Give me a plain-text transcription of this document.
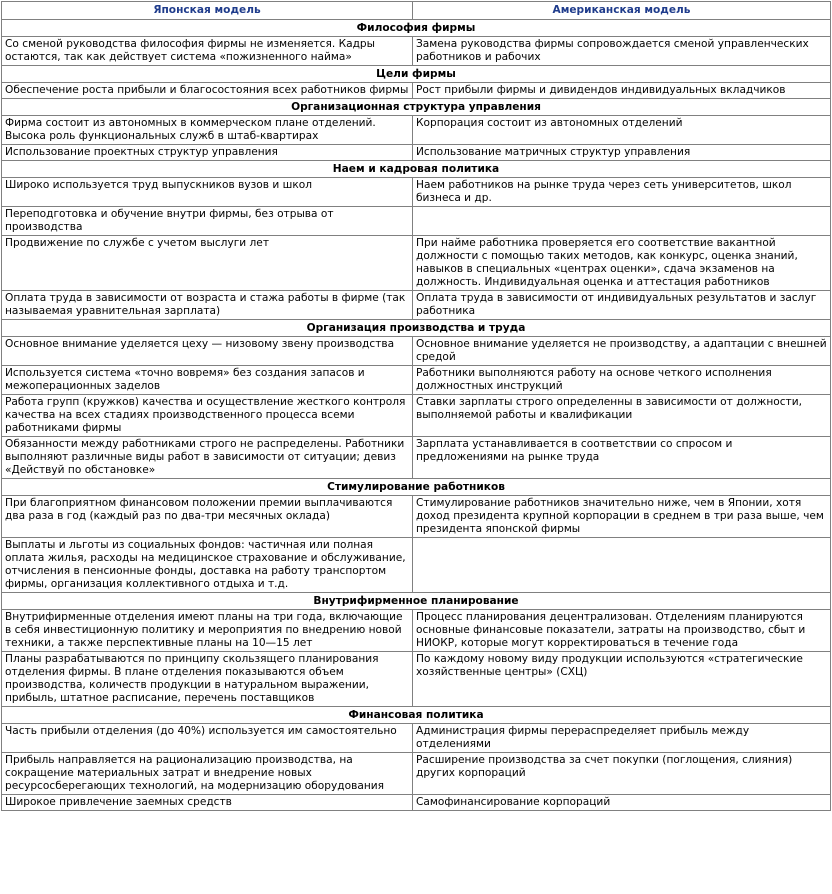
Японская модель	Американская модель
Философия фирмы	
Со сменой руководства философия фирмы не изменяется. Кадры остаются, так как действует система «пожизненного найма»	Замена руководства фирмы сопровождается сменой управленческих работников и рабочих
Цели фирмы	
Обеспечение роста прибыли и благосостояния всех работников фирмы	Рост прибыли фирмы и дивидендов индивидуальных вкладчиков
Организационная структура управления	
Фирма состоит из автономных в коммерческом плане отделений. Высока роль функциональных служб в штаб-квартирах	Корпорация состоит из автономных отделений
Использование проектных структур управления	Использование матричных структур управления
Наем и кадровая политика	
Широко используется труд выпускников вузов и школ	Наем работников на рынке труда через сеть университетов, школ бизнеса и др.
Переподготовка и обучение внутри фирмы, без отрыва от производства	
Продвижение по службе с учетом выслуги лет	При найме работника проверяется его соответствие вакантной должности с помощью таких методов, как конкурс, оценка знаний, навыков в специальных «центрах оценки», сдача экзаменов на должность. Индивидуальная оценка и аттестация работников
Оплата труда в зависимости от возраста и стажа работы в фирме (так называемая уравнительная зарплата)	Оплата труда в зависимости от индивидуальных результатов и заслуг работника
Организация производства и труда	
Основное внимание уделяется цеху — низовому звену производства	Основное внимание уделяется не производству, а адаптации с внешней средой
Используется система «точно вовремя» без создания запасов и межоперационных заделов	Работники выполняются работу на основе четкого исполнения должностных инструкций
Работа групп (кружков) качества и осуществление жесткого контроля качества на всех стадиях производственного процесса всеми работниками фирмы	Ставки зарплаты строго определенны в зависимости от должности, выполняемой работы и квалификации
Обязанности между работниками строго не распределены. Работники выполняют различные виды работ в зависимости от ситуации; девиз «Действуй по обстановке»	Зарплата устанавливается в соответствии со спросом и предложениями на рынке труда
Стимулирование работников	
При благоприятном финансовом положении премии выплачиваются два раза в год (каждый раз по два-три месячных оклада)	Стимулирование работников значительно ниже, чем в Японии, хотя доход президента крупной корпорации в среднем в три раза выше, чем президента японской фирмы
Выплаты и льготы из социальных фондов: частичная или полная оплата жилья, расходы на медицинское страхование и обслуживание, отчисления в пенсионные фонды, доставка на работу транспортом фирмы, организация коллективного отдыха и т.д.	
Внутрифирменное планирование	
Внутрифирменные отделения имеют планы на три года, включающие в себя инвестиционную политику и мероприятия по внедрению новой техники, а также перспективные планы на 10—15 лет	Процесс планирования децентрализован. Отделениям планируются основные финансовые показатели, затраты на производство, сбыт и НИОКР, которые могут корректироваться в течение года
Планы разрабатываются по принципу скользящего планирования отделения фирмы. В плане отделения показываются объем производства, количеств продукции в натуральном выражении, прибыль, штатное расписание, перечень поставщиков	По каждому новому виду продукции используются «стратегические хозяйственные центры» (СХЦ)
Финансовая политика	
Часть прибыли отделения (до 40%) используется им самостоятельно	Администрация фирмы перераспределяет прибыль между отделениями
Прибыль направляется на рационализацию производства, на сокращение материальных затрат и внедрение новых ресурсосберегающих технологий, на модернизацию оборудования	Расширение производства за счет покупки (поглощения, слияния) других корпораций
Широкое привлечение заемных средств	Самофинансирование корпораций
